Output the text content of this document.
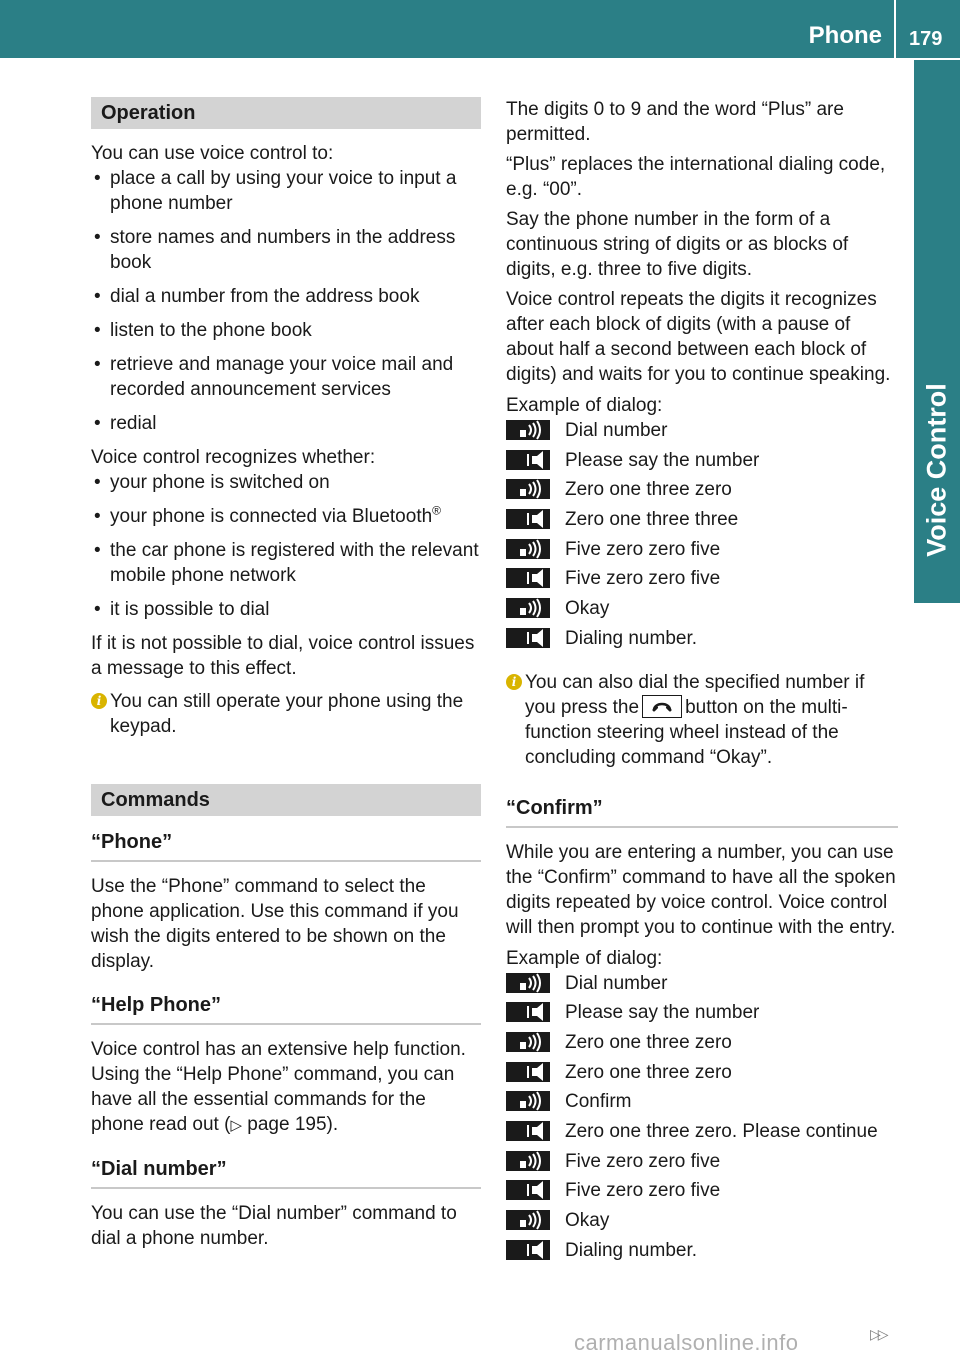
Phone 179
Voice Control
Operation
You can use voice control to:
• place a call by using your voice to input a phone number
• store names and numbers in the address book
• dial a number from the address book
• listen to the phone book
• retrieve and manage your voice mail and recorded announcement services
• redial
Voice control recognizes whether:
• your phone is switched on
• your phone is connected via Bluetooth®
• the car phone is registered with the relevant mobile phone network
• it is possible to dial

If it is not possible to dial, voice control issues a message to this effect.

i You can still operate your phone using the keypad.
Commands
“Phone”

Use the “Phone” command to select the phone application. Use this command if you wish the digits entered to be shown on the display.

“Help Phone”

Voice control has an extensive help function. Using the “Help Phone” command, you can have all the essential commands for the phone read out (▷ page 195).

“Dial number”

You can use the “Dial number” command to dial a phone number.

The digits 0 to 9 and the word “Plus” are permitted.

“Plus” replaces the international dialing code, e.g. “00”.

Say the phone number in the form of a continuous string of digits or as blocks of digits, e.g. three to five digits.

Voice control repeats the digits it recognizes after each block of digits (with a pause of about half a second between each block of digits) and waits for you to continue speaking.

Example of dialog:
Dial number
Please say the number
Zero one three zero
Zero one three three
Five zero zero five
Five zero zero five
Okay
Dialing number.
i You can also dial the specified number if you press the button on the multi-function steering wheel instead of the concluding command “Okay”.
“Confirm”

While you are entering a number, you can use the “Confirm” command to have all the spoken digits repeated by voice control. Voice control will then prompt you to continue with the entry.

Example of dialog:
Dial number
Please say the number
Zero one three zero
Zero one three zero
Confirm
Zero one three zero. Please continue
Five zero zero five
Five zero zero five
Okay
Dialing number.
carmanualsonline.info	▷▷
